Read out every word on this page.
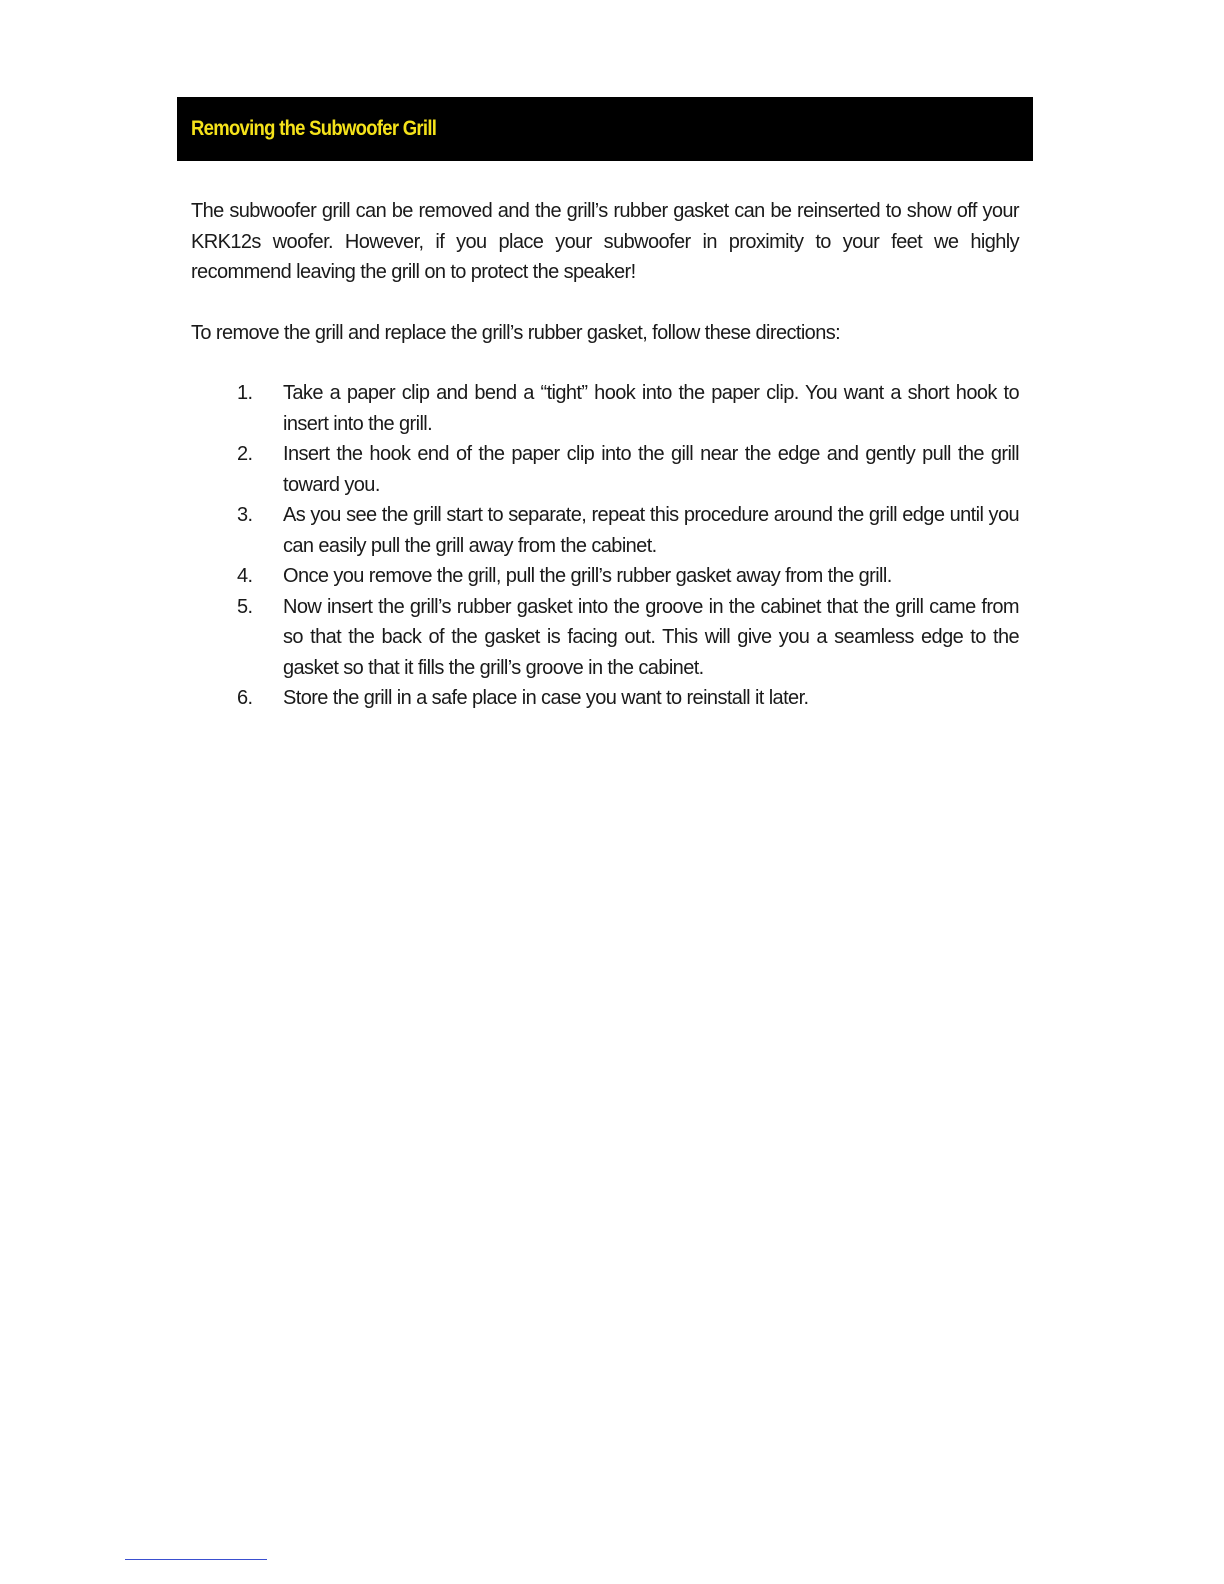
Removing the Subwoofer Grill

The subwoofer grill can be removed and the grill’s rubber gasket can be reinserted to show off your KRK12s woofer. However, if you place your subwoofer in proximity to your feet we highly recommend leaving the grill on to protect the speaker!

To remove the grill and replace the grill’s rubber gasket, follow these directions:

1.	Take a paper clip and bend a “tight” hook into the paper clip. You want a short hook to insert into the grill.
2.	Insert the hook end of the paper clip into the gill near the edge and gently pull the grill toward you.
3.	As you see the grill start to separate, repeat this procedure around the grill edge until you can easily pull the grill away from the cabinet.
4.	Once you remove the grill, pull the grill’s rubber gasket away from the grill.
5.	Now insert the grill’s rubber gasket into the groove in the cabinet that the grill came from so that the back of the gasket is facing out. This will give you a seamless edge to the gasket so that it fills the grill’s groove in the cabinet.
6.	Store the grill in a safe place in case you want to reinstall it later.
